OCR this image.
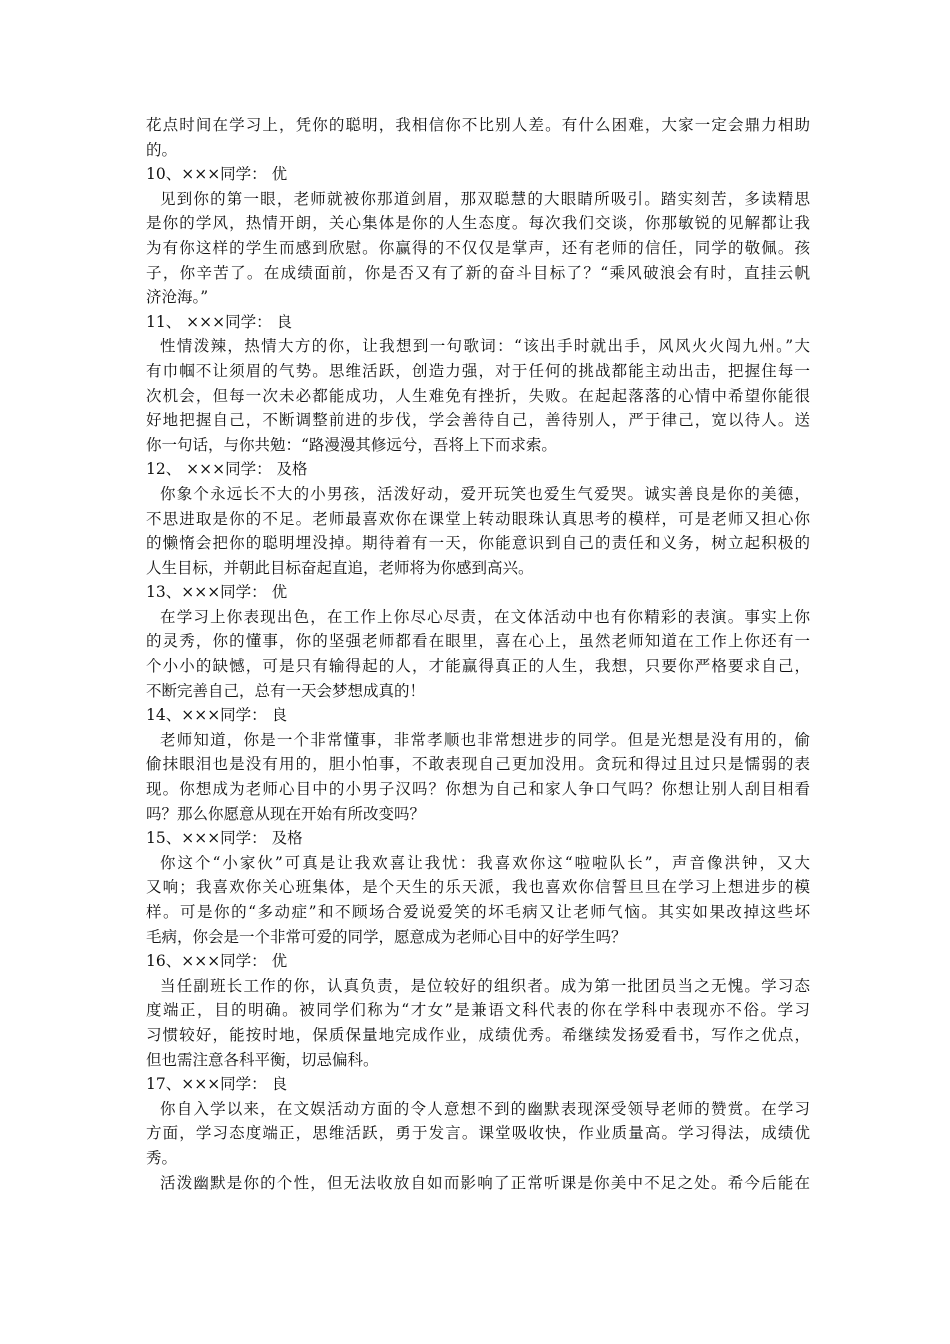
花点时间在学习上，凭你的聪明，我相信你不比别人差。有什么困难，大家一定会鼎力相助
的。
10、×××同学： 优
见到你的第一眼，老师就被你那道剑眉，那双聪慧的大眼睛所吸引。踏实刻苦，多读精思
是你的学风，热情开朗，关心集体是你的人生态度。每次我们交谈，你那敏锐的见解都让我
为有你这样的学生而感到欣慰。你赢得的不仅仅是掌声，还有老师的信任，同学的敬佩。孩
子，你辛苦了。在成绩面前，你是否又有了新的奋斗目标了？“乘风破浪会有时，直挂云帆
济沧海。”
11、 ×××同学： 良
性情泼辣，热情大方的你，让我想到一句歌词：“该出手时就出手，风风火火闯九州。”大
有巾帼不让须眉的气势。思维活跃，创造力强，对于任何的挑战都能主动出击，把握住每一
次机会，但每一次未必都能成功，人生难免有挫折，失败。在起起落落的心情中希望你能很
好地把握自己，不断调整前进的步伐，学会善待自己，善待别人，严于律己，宽以待人。送
你一句话，与你共勉：“路漫漫其修远兮，吾将上下而求索。
12、 ×××同学： 及格
你象个永远长不大的小男孩，活泼好动，爱开玩笑也爱生气爱哭。诚实善良是你的美德，
不思进取是你的不足。老师最喜欢你在课堂上转动眼珠认真思考的模样，可是老师又担心你
的懒惰会把你的聪明埋没掉。期待着有一天，你能意识到自己的责任和义务，树立起积极的
人生目标，并朝此目标奋起直追，老师将为你感到高兴。
13、×××同学： 优
在学习上你表现出色，在工作上你尽心尽责，在文体活动中也有你精彩的表演。事实上你
的灵秀，你的懂事，你的坚强老师都看在眼里，喜在心上，虽然老师知道在工作上你还有一
个小小的缺憾，可是只有输得起的人，才能赢得真正的人生，我想，只要你严格要求自己，
不断完善自己，总有一天会梦想成真的！
14、×××同学： 良
老师知道，你是一个非常懂事，非常孝顺也非常想进步的同学。但是光想是没有用的，偷
偷抹眼泪也是没有用的，胆小怕事，不敢表现自己更加没用。贪玩和得过且过只是懦弱的表
现。你想成为老师心目中的小男子汉吗？你想为自己和家人争口气吗？你想让别人刮目相看
吗？那么你愿意从现在开始有所改变吗？
15、×××同学： 及格
你这个“小家伙”可真是让我欢喜让我忧：我喜欢你这“啦啦队长”，声音像洪钟，又大
又响；我喜欢你关心班集体，是个天生的乐天派，我也喜欢你信誓旦旦在学习上想进步的模
样。可是你的“多动症”和不顾场合爱说爱笑的坏毛病又让老师气恼。其实如果改掉这些坏
毛病，你会是一个非常可爱的同学，愿意成为老师心目中的好学生吗？
16、×××同学： 优
当任副班长工作的你，认真负责，是位较好的组织者。成为第一批团员当之无愧。学习态
度端正，目的明确。被同学们称为“才女”是兼语文科代表的你在学科中表现亦不俗。学习
习惯较好，能按时地，保质保量地完成作业，成绩优秀。希继续发扬爱看书，写作之优点，
但也需注意各科平衡，切忌偏科。
17、×××同学： 良
你自入学以来，在文娱活动方面的令人意想不到的幽默表现深受领导老师的赞赏。在学习
方面，学习态度端正，思维活跃，勇于发言。课堂吸收快，作业质量高。学习得法，成绩优
秀。
活泼幽默是你的个性，但无法收放自如而影响了正常听课是你美中不足之处。希今后能在
